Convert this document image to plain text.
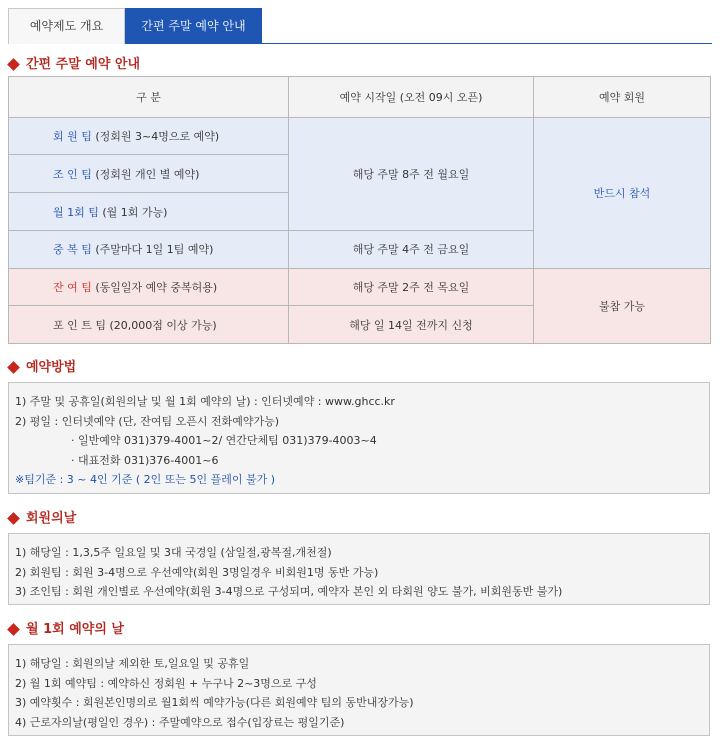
예약제도 개요	간편 주말 예약 안내
간편 주말 예약 안내
구 분	예약 시작일 (오전 09시 오픈)	예약 회원
회 원 팀 (정회원 3~4명으로 예약)	해당 주말 8주 전 월요일	반드시 참석
조 인 팀 (정회원 개인 별 예약)		
월 1회 팀 (월 1회 가능)		
중 복 팀 (주말마다 1일 1팀 예약)	해당 주말 4주 전 금요일	
잔 여 팀 (동일일자 예약 중복허용)	해당 주말 2주 전 목요일	불참 가능
포 인 트 팀 (20,000점 이상 가능)	해당 일 14일 전까지 신청	
예약방법
1) 주말 및 공휴일(회원의날 및 월 1회 예약의 날) : 인터넷예약 : www.ghcc.kr
2) 평일 : 인터넷예약 (단, 잔여팀 오픈시 전화예약가능)
· 일반예약 031)379-4001~2/ 연간단체팀 031)379-4003~4
· 대표전화 031)376-4001~6
※팀기준 : 3 ~ 4인 기준 ( 2인 또는 5인 플레이 불가 )
회원의날
1) 해당일 : 1,3,5주 일요일 및 3대 국경일 (삼일절,광복절,개천절)
2) 회원팀 : 회원 3-4명으로 우선예약(회원 3명일경우 비회원1명 동반 가능)
3) 조인팀 : 회원 개인별로 우선예약(회원 3-4명으로 구성되며, 예약자 본인 외 타회원 양도 불가, 비회원동반 불가)
월 1회 예약의 날
1) 해당일 : 회원의날 제외한 토,일요일 및 공휴일
2) 월 1회 예약팀 : 예약하신 정회원 + 누구나 2~3명으로 구성
3) 예약횟수 : 회원본인명의로 월1회씩 예약가능(다른 회원예약 팀의 동반내장가능)
4) 근로자의날(평일인 경우) : 주말예약으로 접수(입장료는 평일기준)
